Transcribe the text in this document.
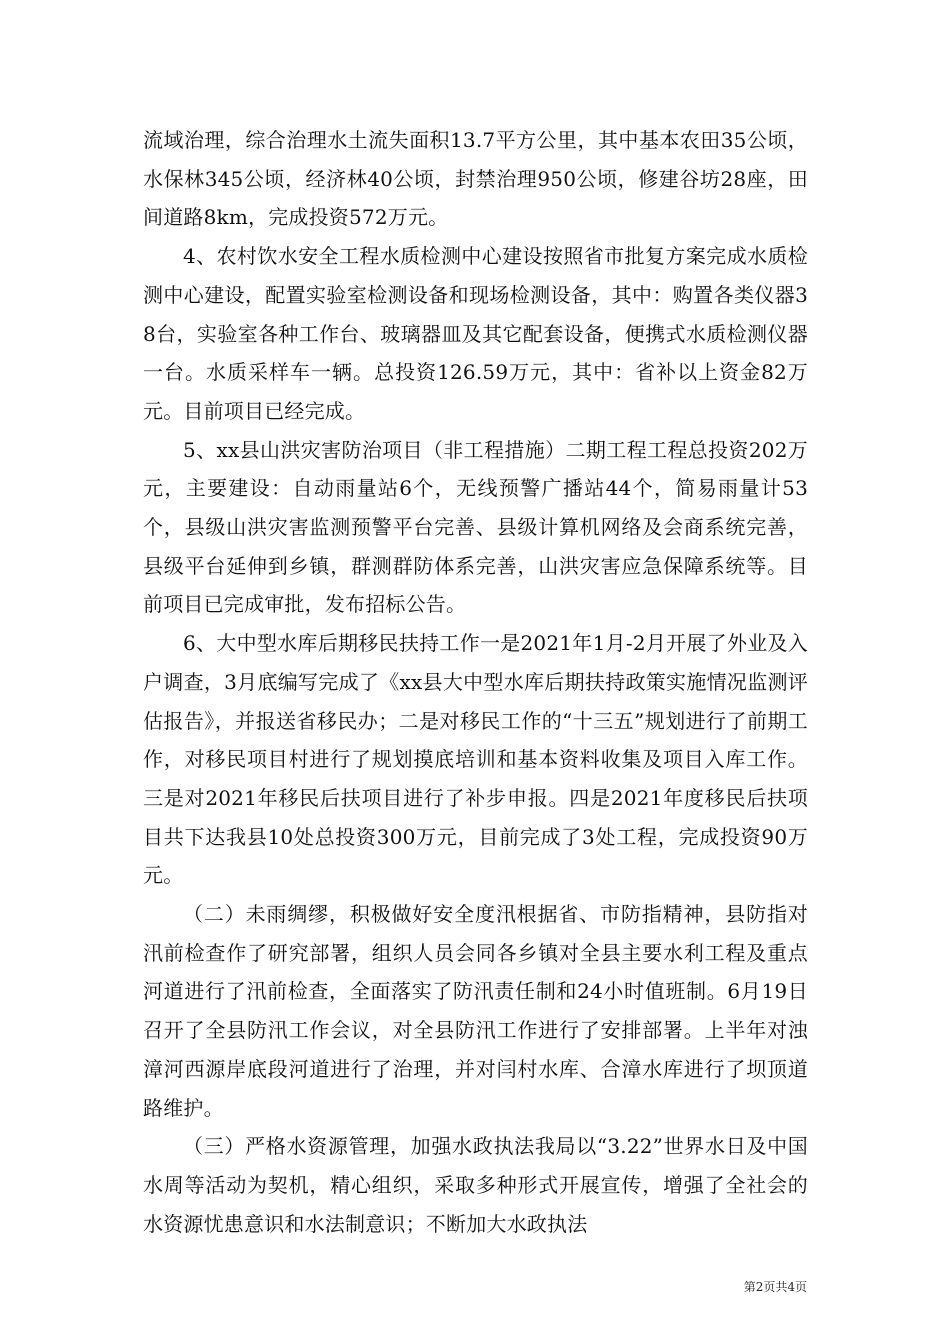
流域治理，综合治理水土流失面积13.7平方公里，其中基本农田35公顷，水保林345公顷，经济林40公顷，封禁治理950公顷，修建谷坊28座，田间道路8km，完成投资572万元。

4、农村饮水安全工程水质检测中心建设按照省市批复方案完成水质检测中心建设，配置实验室检测设备和现场检测设备，其中：购置各类仪器38台，实验室各种工作台、玻璃器皿及其它配套设备，便携式水质检测仪器一台。水质采样车一辆。总投资126.59万元，其中：省补以上资金82万元。目前项目已经完成。

5、xx县山洪灾害防治项目（非工程措施）二期工程工程总投资202万元，主要建设：自动雨量站6个，无线预警广播站44个，简易雨量计53个，县级山洪灾害监测预警平台完善、县级计算机网络及会商系统完善，县级平台延伸到乡镇，群测群防体系完善，山洪灾害应急保障系统等。目前项目已完成审批，发布招标公告。

6、大中型水库后期移民扶持工作一是2021年1月-2月开展了外业及入户调查，3月底编写完成了《xx县大中型水库后期扶持政策实施情况监测评估报告》，并报送省移民办；二是对移民工作的“十三五”规划进行了前期工作，对移民项目村进行了规划摸底培训和基本资料收集及项目入库工作。三是对2021年移民后扶项目进行了补步申报。四是2021年度移民后扶项目共下达我县10处总投资300万元，目前完成了3处工程，完成投资90万元。

（二）未雨绸缪，积极做好安全度汛根据省、市防指精神，县防指对汛前检查作了研究部署，组织人员会同各乡镇对全县主要水利工程及重点河道进行了汛前检查，全面落实了防汛责任制和24小时值班制。6月19日召开了全县防汛工作会议，对全县防汛工作进行了安排部署。上半年对浊漳河西源岸底段河道进行了治理，并对闫村水库、合漳水库进行了坝顶道路维护。

（三）严格水资源管理，加强水政执法我局以“3.22”世界水日及中国水周等活动为契机，精心组织，采取多种形式开展宣传，增强了全社会的水资源忧患意识和水法制意识；不断加大水政执法

第2页共4页
